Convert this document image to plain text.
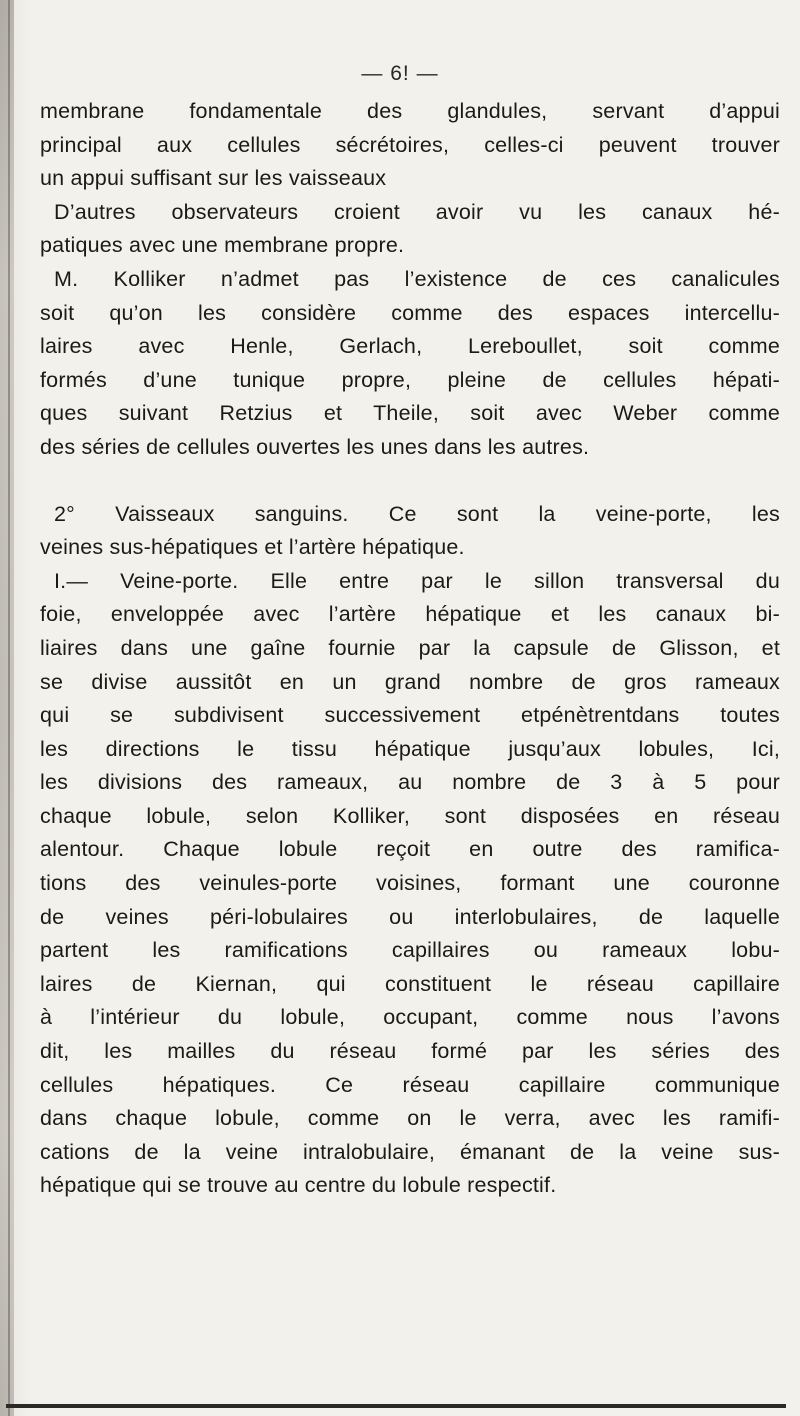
— 6! —
membrane fondamentale des glandules, servant d’appui
principal aux cellules sécrétoires, celles-ci peuvent trouver
un appui suffisant sur les vaisseaux
D’autres observateurs croient avoir vu les canaux hé-
patiques avec une membrane propre.
M. Kolliker n’admet pas l’existence de ces canalicules
soit qu’on les considère comme des espaces intercellu-
laires avec Henle, Gerlach, Lereboullet, soit comme
formés d’une tunique propre, pleine de cellules hépati-
ques suivant Retzius et Theile, soit avec Weber comme
des séries de cellules ouvertes les unes dans les autres.
2° Vaisseaux sanguins. Ce sont la veine-porte, les
veines sus-hépatiques et l’artère hépatique.
I.— Veine-porte. Elle entre par le sillon transversal du
foie, enveloppée avec l’artère hépatique et les canaux bi-
liaires dans une gaîne fournie par la capsule de Glisson, et
se divise aussitôt en un grand nombre de gros rameaux
qui se subdivisent successivement etpénètrentdans toutes
les directions le tissu hépatique jusqu’aux lobules, Ici,
les divisions des rameaux, au nombre de 3 à 5 pour
chaque lobule, selon Kolliker, sont disposées en réseau
alentour. Chaque lobule reçoit en outre des ramifica-
tions des veinules-porte voisines, formant une couronne
de veines péri-lobulaires ou interlobulaires, de laquelle
partent les ramifications capillaires ou rameaux lobu-
laires de Kiernan, qui constituent le réseau capillaire
à l’intérieur du lobule, occupant, comme nous l’avons
dit, les mailles du réseau formé par les séries des
cellules hépatiques. Ce réseau capillaire communique
dans chaque lobule, comme on le verra, avec les ramifi-
cations de la veine intralobulaire, émanant de la veine sus-
hépatique qui se trouve au centre du lobule respectif.
